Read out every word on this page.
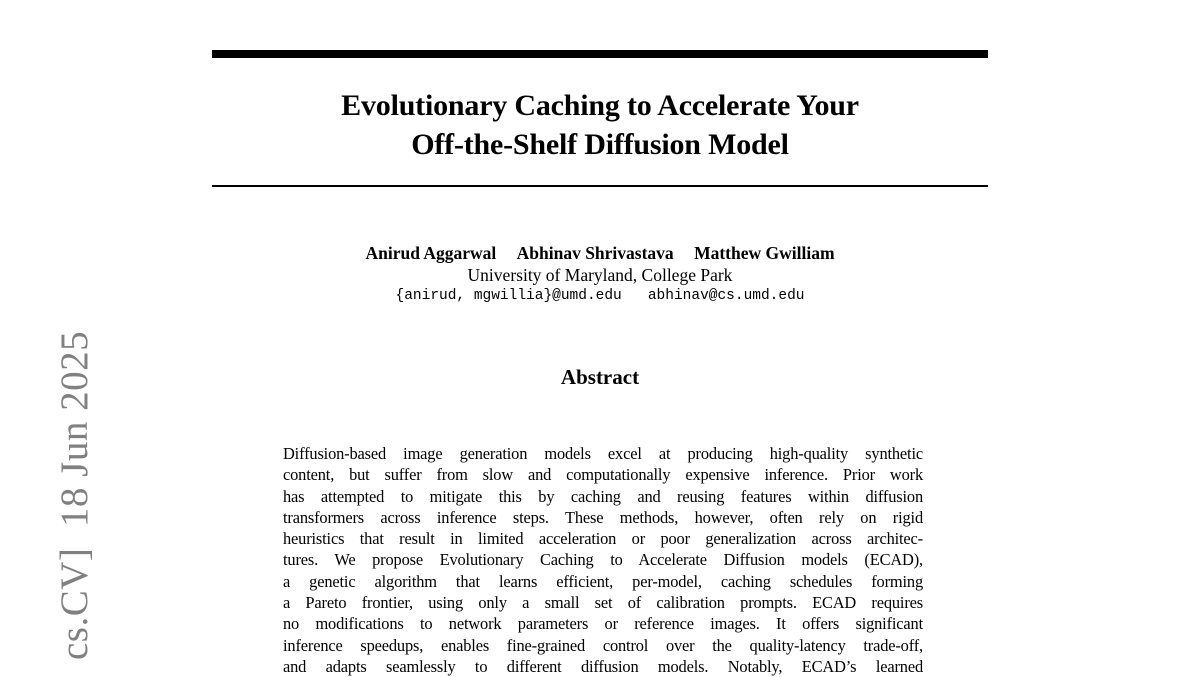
Evolutionary Caching to Accelerate Your
Off-the-Shelf Diffusion Model
Anirud Aggarwal Abhinav Shrivastava Matthew Gwilliam
University of Maryland, College Park
{anirud, mgwillia}@umd.edu   abhinav@cs.umd.edu
Abstract
Diffusion-based image generation models excel at producing high-quality synthetic
content, but suffer from slow and computationally expensive inference. Prior work
has attempted to mitigate this by caching and reusing features within diffusion
transformers across inference steps. These methods, however, often rely on rigid
heuristics that result in limited acceleration or poor generalization across architec-
tures. We propose Evolutionary Caching to Accelerate Diffusion models (ECAD),
a genetic algorithm that learns efficient, per-model, caching schedules forming
a Pareto frontier, using only a small set of calibration prompts. ECAD requires
no modifications to network parameters or reference images. It offers significant
inference speedups, enables fine-grained control over the quality-latency trade-off,
and adapts seamlessly to different diffusion models. Notably, ECAD’s learned
cs.CV]  18 Jun 2025
